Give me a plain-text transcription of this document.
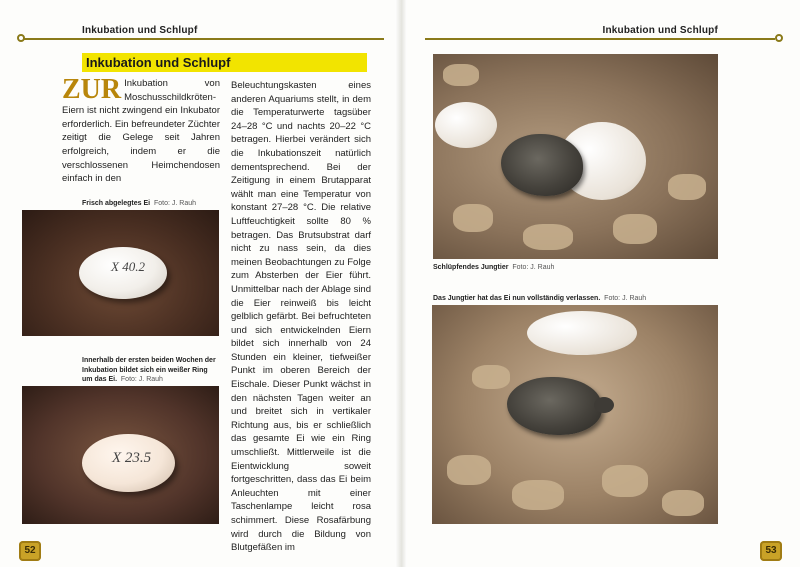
Inkubation und Schlupf	Inkubation und Schlupf
Inkubation und Schlupf
ZUR Inkubation von Moschusschildkröten-Eiern ist nicht zwingend ein Inkubator erforderlich. Ein befreundeter Züchter zeitigt die Gelege seit Jahren erfolgreich, indem er die verschlossenen Heimchendosen einfach in den
Beleuchtungskasten eines anderen Aquariums stellt, in dem die Temperaturwerte tagsüber 24–28 °C und nachts 20–22 °C betragen. Hierbei verändert sich die Inkubationszeit natürlich dementsprechend. Bei der Zeitigung in einem Brutapparat wählt man eine Temperatur von konstant 27–28 °C. Die relative Luftfeuchtigkeit sollte 80 % betragen. Das Brutsubstrat darf nicht zu nass sein, da dies meinen Beobachtungen zu Folge zum Absterben der Eier führt. Unmittelbar nach der Ablage sind die Eier reinweiß bis leicht gelblich gefärbt. Bei befruchteten und sich entwickelnden Eiern bildet sich innerhalb von 24 Stunden ein kleiner, tiefweißer Punkt im oberen Bereich der Eischale. Dieser Punkt wächst in den nächsten Tagen weiter an und breitet sich in vertikaler Richtung aus, bis er schließlich das gesamte Ei wie ein Ring umschließt. Mittlerweile ist die Eientwicklung soweit fortgeschritten, dass das Ei beim Anleuchten mit einer Taschenlampe leicht rosa schimmert. Diese Rosafärbung wird durch die Bildung von Blutgefäßen im
Frisch abgelegtes Ei Foto: J. Rauh
X 40.2
Innerhalb der ersten beiden Wochen der Inkubation bildet sich ein weißer Ring um das Ei. Foto: J. Rauh
X 23.5
Schlüpfendes Jungtier Foto: J. Rauh
Das Jungtier hat das Ei nun vollständig verlassen. Foto: J. Rauh
52	53
